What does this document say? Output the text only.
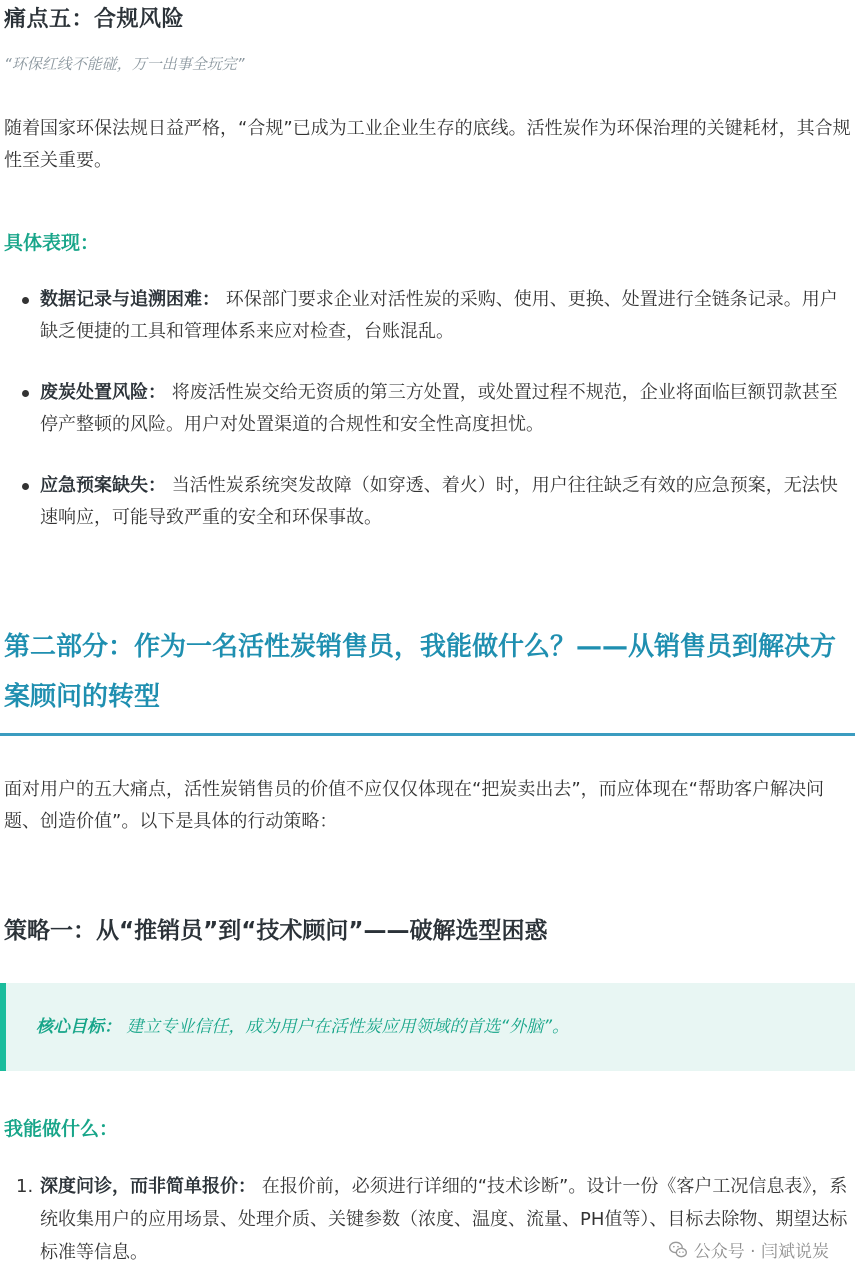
痛点五：合规风险
“环保红线不能碰，万一出事全玩完”
随着国家环保法规日益严格，“合规”已成为工业企业生存的底线。活性炭作为环保治理的关键耗材，其合规性至关重要。
具体表现：
数据记录与追溯困难： 环保部门要求企业对活性炭的采购、使用、更换、处置进行全链条记录。用户缺乏便捷的工具和管理体系来应对检查，台账混乱。
废炭处置风险： 将废活性炭交给无资质的第三方处置，或处置过程不规范，企业将面临巨额罚款甚至停产整顿的风险。用户对处置渠道的合规性和安全性高度担忧。
应急预案缺失： 当活性炭系统突发故障（如穿透、着火）时，用户往往缺乏有效的应急预案，无法快速响应，可能导致严重的安全和环保事故。
第二部分：作为一名活性炭销售员，我能做什么？——从销售员到解决方案顾问的转型
面对用户的五大痛点，活性炭销售员的价值不应仅仅体现在“把炭卖出去”，而应体现在“帮助客户解决问题、创造价值”。以下是具体的行动策略：
策略一：从“推销员”到“技术顾问”——破解选型困惑
核心目标： 建立专业信任，成为用户在活性炭应用领域的首选“外脑”。
我能做什么：
1. 深度问诊，而非简单报价： 在报价前，必须进行详细的“技术诊断”。设计一份《客户工况信息表》，系统收集用户的应用场景、处理介质、关键参数（浓度、温度、流量、PH值等）、目标去除物、期望达标标准等信息。	公众号 · 闫斌说炭
